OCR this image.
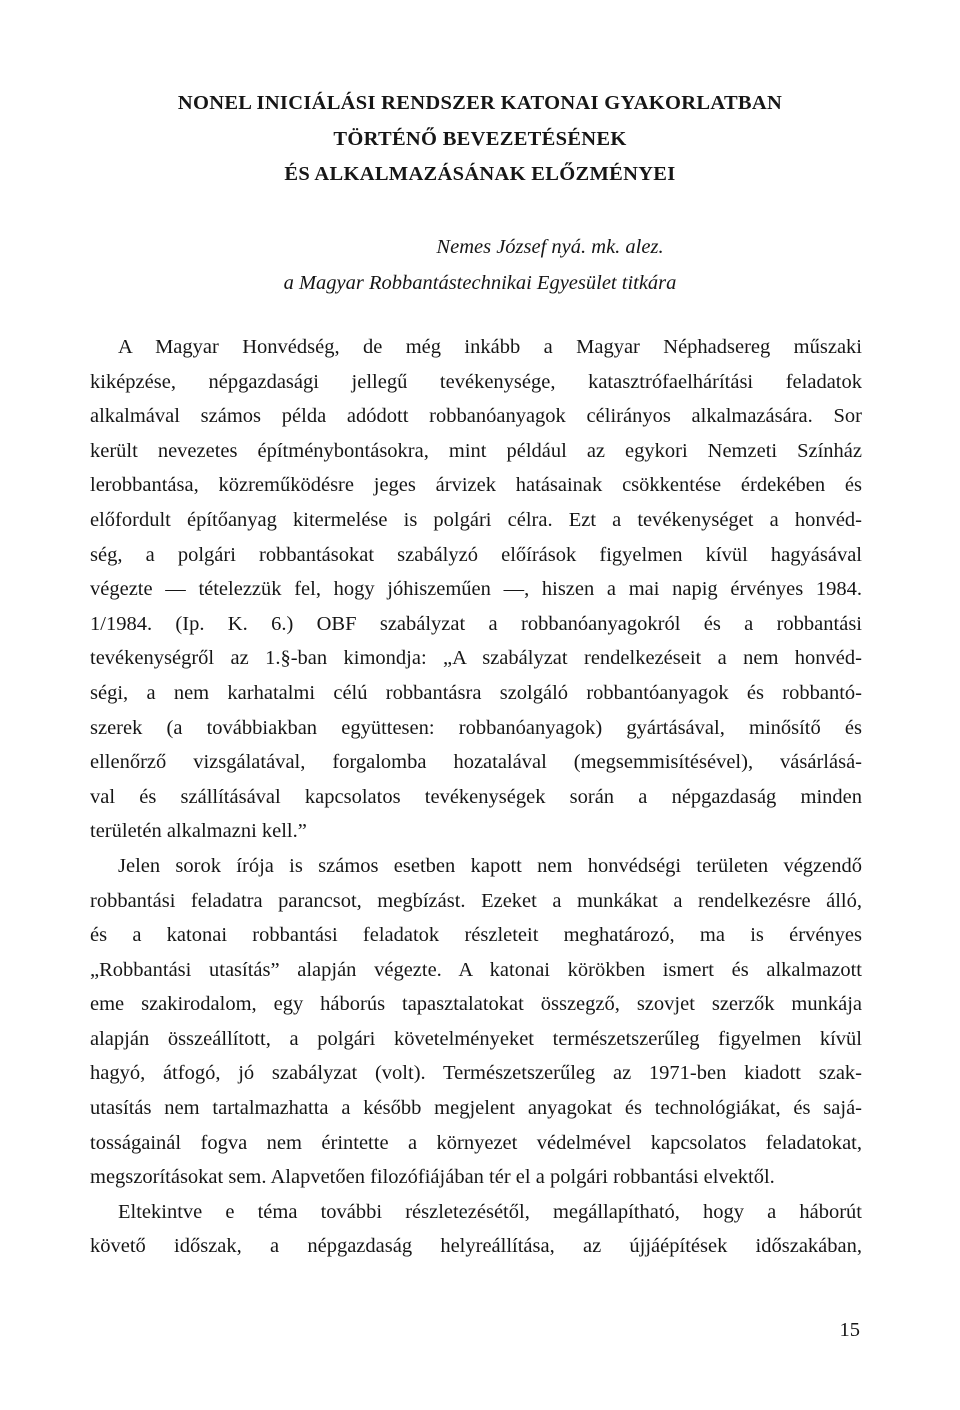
NONEL INICIÁLÁSI RENDSZER KATONAI GYAKORLATBAN
TÖRTÉNŐ BEVEZETÉSÉNEK
ÉS ALKALMAZÁSÁNAK ELŐZMÉNYEI
Nemes József nyá. mk. alez.
a Magyar Robbantástechnikai Egyesület titkára
A Magyar Honvédség, de még inkább a Magyar Néphadsereg műszaki
kiképzése, népgazdasági jellegű tevékenysége, katasztrófaelhárítási feladatok
alkalmával számos példa adódott robbanóanyagok célirányos alkalmazására. Sor
került nevezetes építménybontásokra, mint például az egykori Nemzeti Színház
lerobbantása, közreműködésre jeges árvizek hatásainak csökkentése érdekében és
előfordult építőanyag kitermelése is polgári célra. Ezt a tevékenységet a honvéd-
ség, a polgári robbantásokat szabályzó előírások figyelmen kívül hagyásával
végezte — tételezzük fel, hogy jóhiszeműen —, hiszen a mai napig érvényes 1984.
1/1984. (Ip. K. 6.) OBF szabályzat a robbanóanyagokról és a robbantási
tevékenységről az 1.§-ban kimondja: „A szabályzat rendelkezéseit a nem honvéd-
ségi, a nem karhatalmi célú robbantásra szolgáló robbantóanyagok és robbantó-
szerek (a továbbiakban együttesen: robbanóanyagok) gyártásával, minősítő és
ellenőrző vizsgálatával, forgalomba hozatalával (megsemmisítésével), vásárlásá-
val és szállításával kapcsolatos tevékenységek során a népgazdaság minden
területén alkalmazni kell.”
Jelen sorok írója is számos esetben kapott nem honvédségi területen végzendő
robbantási feladatra parancsot, megbízást. Ezeket a munkákat a rendelkezésre álló,
és a katonai robbantási feladatok részleteit meghatározó, ma is érvényes
„Robbantási utasítás” alapján végezte. A katonai körökben ismert és alkalmazott
eme szakirodalom, egy háborús tapasztalatokat összegző, szovjet szerzők munkája
alapján összeállított, a polgári követelményeket természetszerűleg figyelmen kívül
hagyó, átfogó, jó szabályzat (volt). Természetszerűleg az 1971-ben kiadott szak-
utasítás nem tartalmazhatta a később megjelent anyagokat és technológiákat, és sajá-
tosságainál fogva nem érintette a környezet védelmével kapcsolatos feladatokat,
megszorításokat sem. Alapvetően filozófiájában tér el a polgári robbantási elvektől.
Eltekintve e téma további részletezésétől, megállapítható, hogy a háborút
követő időszak, a népgazdaság helyreállítása, az újjáépítések időszakában,
15
